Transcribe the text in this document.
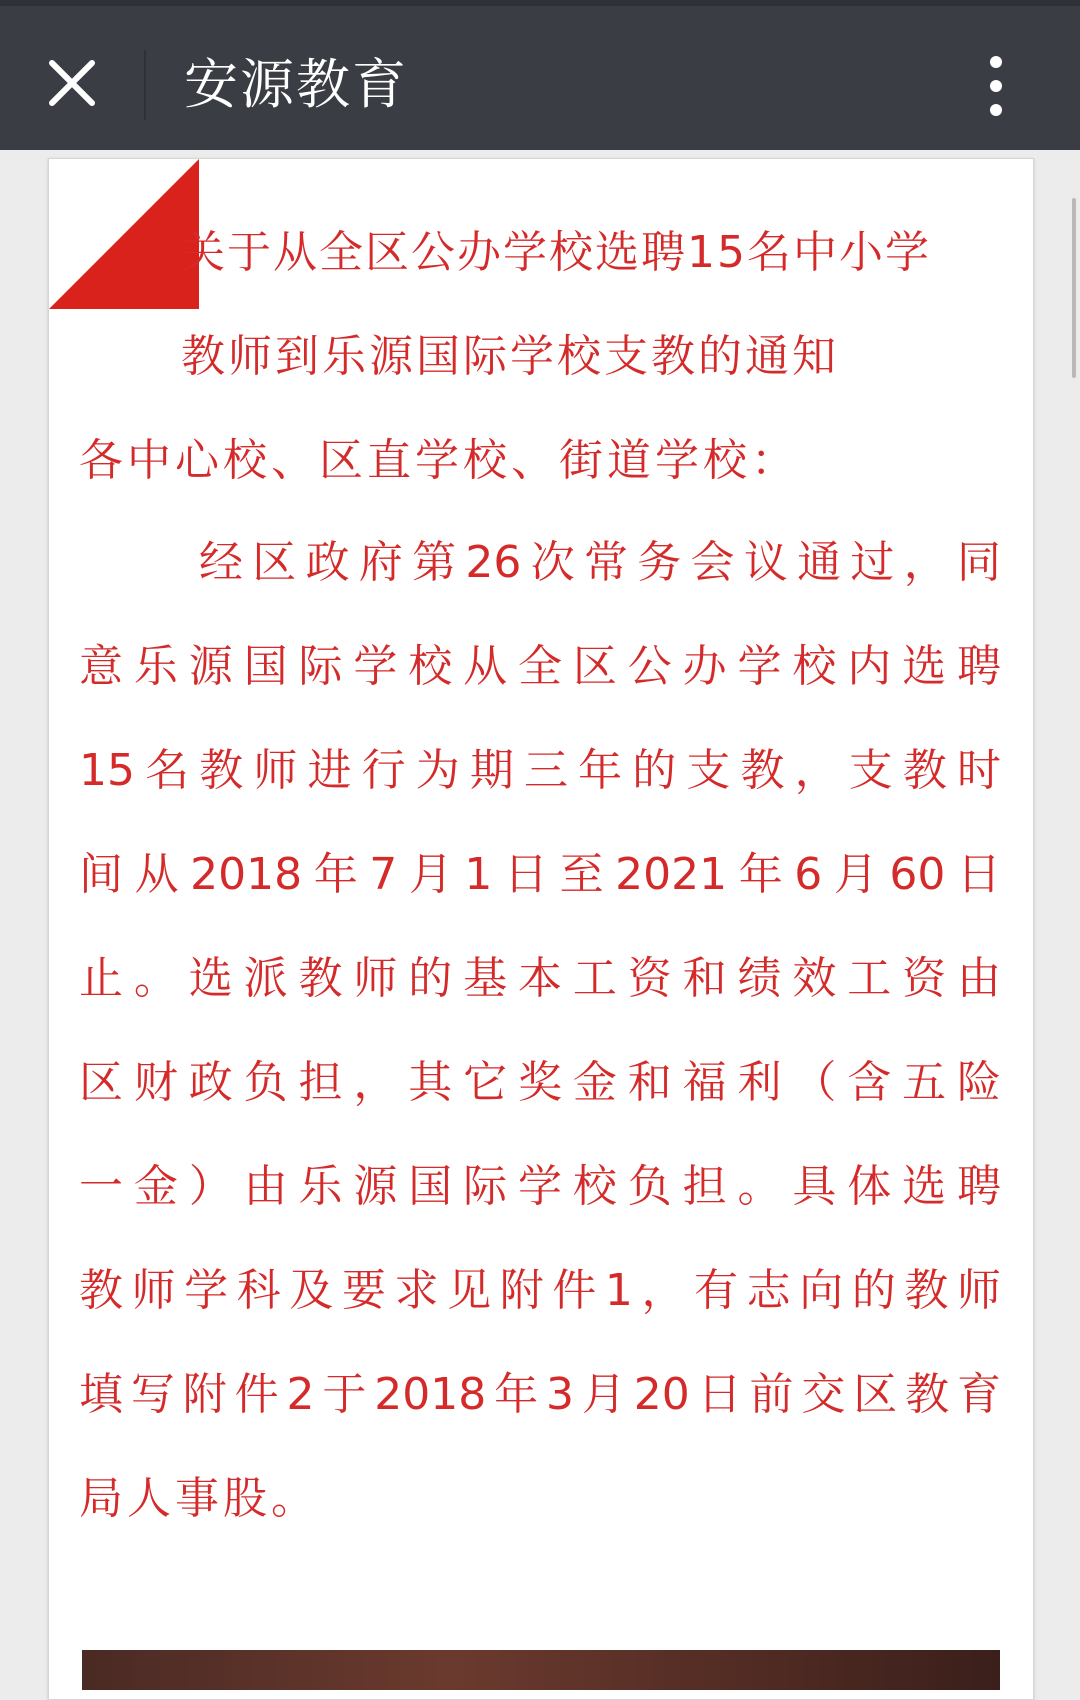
安源教育
关于从全区公办学校选聘15名中小学
教师到乐源国际学校支教的通知
各中心校、区直学校、街道学校：
经区政府第26次常务会议通过，同
意乐源国际学校从全区公办学校内选聘
15名教师进行为期三年的支教，支教时
间从2018年7月1日至2021年6月60日
止。选派教师的基本工资和绩效工资由
区财政负担，其它奖金和福利（含五险
一金）由乐源国际学校负担。具体选聘
教师学科及要求见附件1，有志向的教师
填写附件2于2018年3月20日前交区教育
局人事股。
